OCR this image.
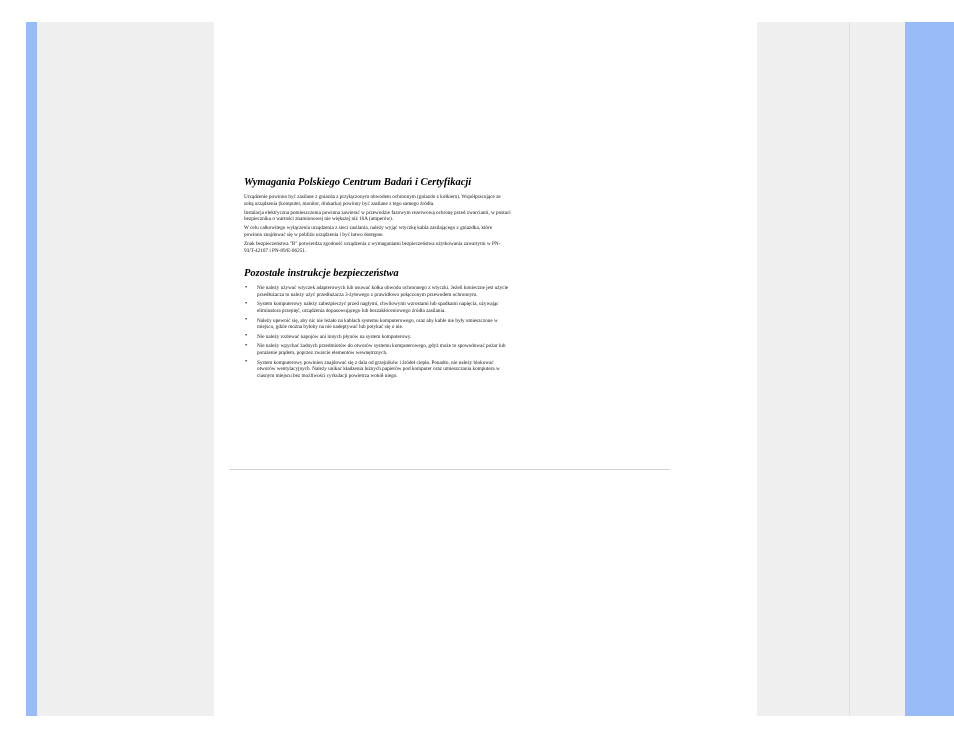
Wymagania Polskiego Centrum Badań i Certyfikacji

Urządzenie powinno być zasilane z gniazda z przyłączonym obwodem ochronnym (gniazdo z kołkiem). Współpracujące ze sobą urządzenia (komputer, monitor, drukarka) powinny być zasilane z tego samego źródła.

Instalacja elektryczna pomieszczenia powinna zawierać w przewodzie fazowym rezerwową ochronę przed zwarciami, w postaci bezpiecznika o wartości znamionowej nie większej niż 16A (amperów).

W celu całkowitego wyłączenia urządzenia z sieci zasilania, należy wyjąć wtyczkę kabla zasilającego z gniazdka, które powinno znajdować się w pobliżu urządzenia i być łatwo dostępne.

Znak bezpieczeństwa "B" potwierdza zgodność urządzenia z wymaganiami bezpieczeństwa użytkowania zawartymi w PN-93/T-42107 i PN-89/E-06251.

Pozostałe instrukcje bezpieczeństwa
• Nie należy używać wtyczek adapterowych lub usuwać kołka obwodu ochronnego z wtyczki. Jeżeli konieczne jest użycie przedłużacza to należy użyć przedłużacza 3-żyłowego z prawidłowo połączonym przewodem ochronnym.
• System komputerowy należy zabezpieczyć przed nagłymi, chwilowymi wzrostami lub spadkami napięcia, używając eliminatora przepięć, urządzenia dopasowującego lub bezzakłóceniowego źródła zasilania.
• Należy upewnić się, aby nic nie leżało na kablach systemu komputerowego, oraz aby kable nie były umieszczone w miejscu, gdzie można byłoby na nie nadeptywać lub potykać się o nie.
• Nie należy rozlewać napojów ani innych płynów na system komputerowy.
• Nie należy wpychać żadnych przedmiotów do otworów systemu komputerowego, gdyż może to spowodować pożar lub porażenie prądem, poprzez zwarcie elementów wewnętrznych.
• System komputerowy powinien znajdować się z dala od grzejników i źródeł ciepła. Ponadto, nie należy blokować otworów wentylacyjnych. Należy unikać kładzenia luźnych papierów pod komputer oraz umieszczania komputera w ciasnym miejscu bez możliwości cyrkulacji powietrza wokół niego.
